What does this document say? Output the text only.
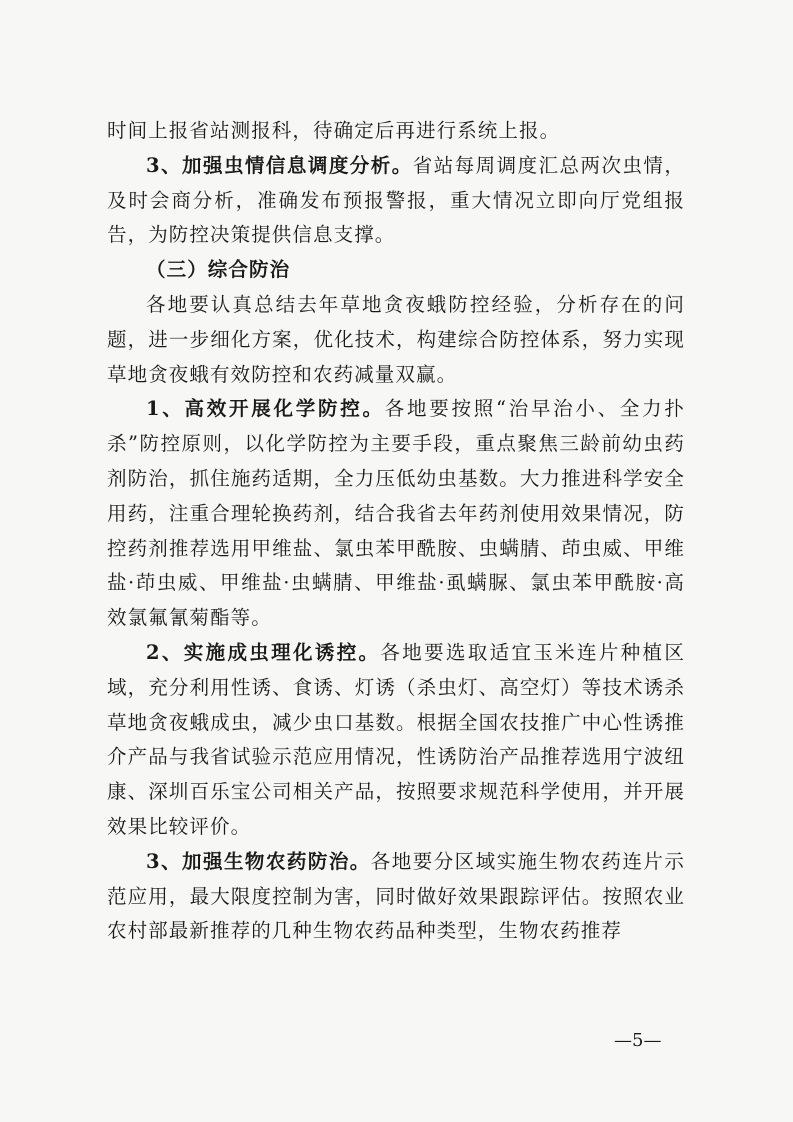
时间上报省站测报科，待确定后再进行系统上报。

3、加强虫情信息调度分析。省站每周调度汇总两次虫情，及时会商分析，准确发布预报警报，重大情况立即向厅党组报告，为防控决策提供信息支撑。

（三）综合防治

各地要认真总结去年草地贪夜蛾防控经验，分析存在的问题，进一步细化方案，优化技术，构建综合防控体系，努力实现草地贪夜蛾有效防控和农药减量双赢。

1、高效开展化学防控。各地要按照“治早治小、全力扑杀”防控原则，以化学防控为主要手段，重点聚焦三龄前幼虫药剂防治，抓住施药适期，全力压低幼虫基数。大力推进科学安全用药，注重合理轮换药剂，结合我省去年药剂使用效果情况，防控药剂推荐选用甲维盐、氯虫苯甲酰胺、虫螨腈、茚虫威、甲维盐·茚虫威、甲维盐·虫螨腈、甲维盐·虱螨脲、氯虫苯甲酰胺·高效氯氟氰菊酯等。

2、实施成虫理化诱控。各地要选取适宜玉米连片种植区域，充分利用性诱、食诱、灯诱（杀虫灯、高空灯）等技术诱杀草地贪夜蛾成虫，减少虫口基数。根据全国农技推广中心性诱推介产品与我省试验示范应用情况，性诱防治产品推荐选用宁波纽康、深圳百乐宝公司相关产品，按照要求规范科学使用，并开展效果比较评价。

3、加强生物农药防治。各地要分区域实施生物农药连片示范应用，最大限度控制为害，同时做好效果跟踪评估。按照农业农村部最新推荐的几种生物农药品种类型，生物农药推荐

—5—
